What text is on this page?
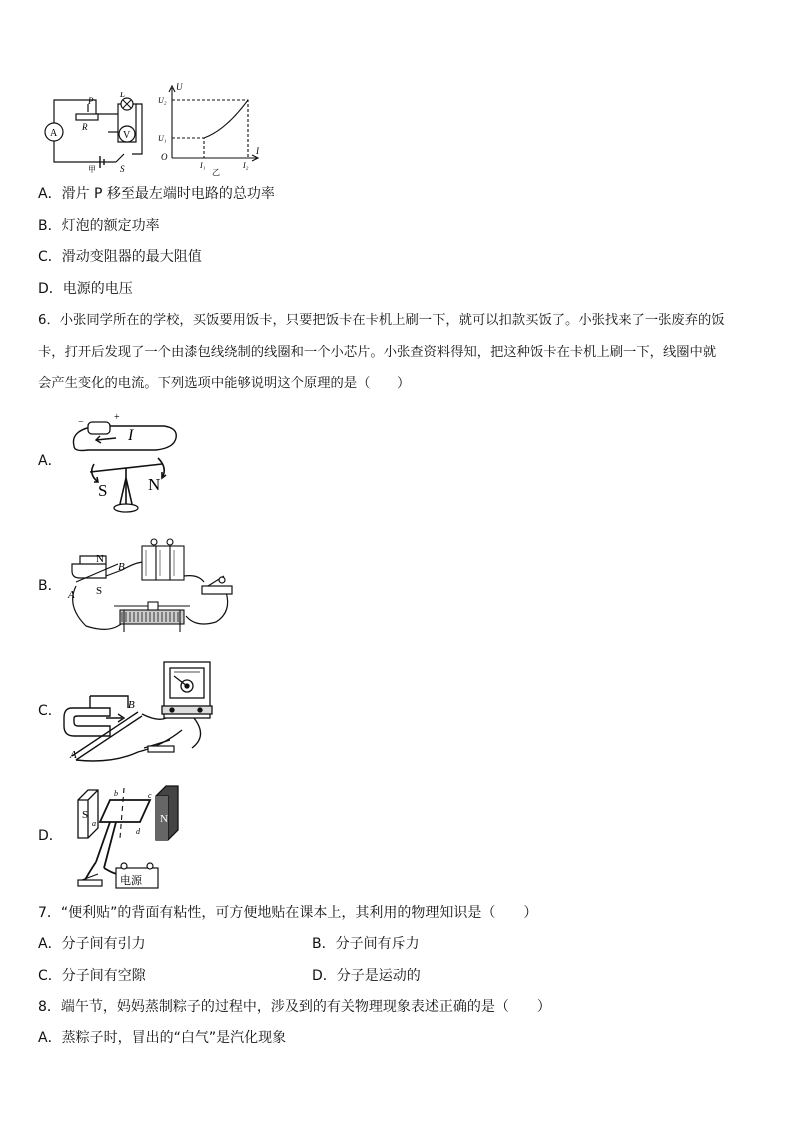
A	V
P
R
L
S
甲
U
I
O
U₂
U₁
I₁	I₂
乙
A．滑片 P 移至最左端时电路的总功率
B．灯泡的额定功率
C．滑动变阻器的最大阻值
D．电源的电压
6．小张同学所在的学校，买饭要用饭卡，只要把饭卡在卡机上刷一下，就可以扣款买饭了。小张找来了一张废弃的饭
卡，打开后发现了一个由漆包线绕制的线圈和一个小芯片。小张查资料得知，把这种饭卡在卡机上刷一下，线圈中就
会产生变化的电流。下列选项中能够说明这个原理的是（　　）
A．
−	+
I
S N
B．
N
S
A
B
C．
A
B
D．
S	N
a
b	c
d
电源
7．“便利贴”的背面有粘性，可方便地贴在课本上，其利用的物理知识是（　　）
A．分子间有引力	B．分子间有斥力
C．分子间有空隙	D．分子是运动的
8．端午节，妈妈蒸制粽子的过程中，涉及到的有关物理现象表述正确的是（　　）
A．蒸粽子时，冒出的“白气”是汽化现象
